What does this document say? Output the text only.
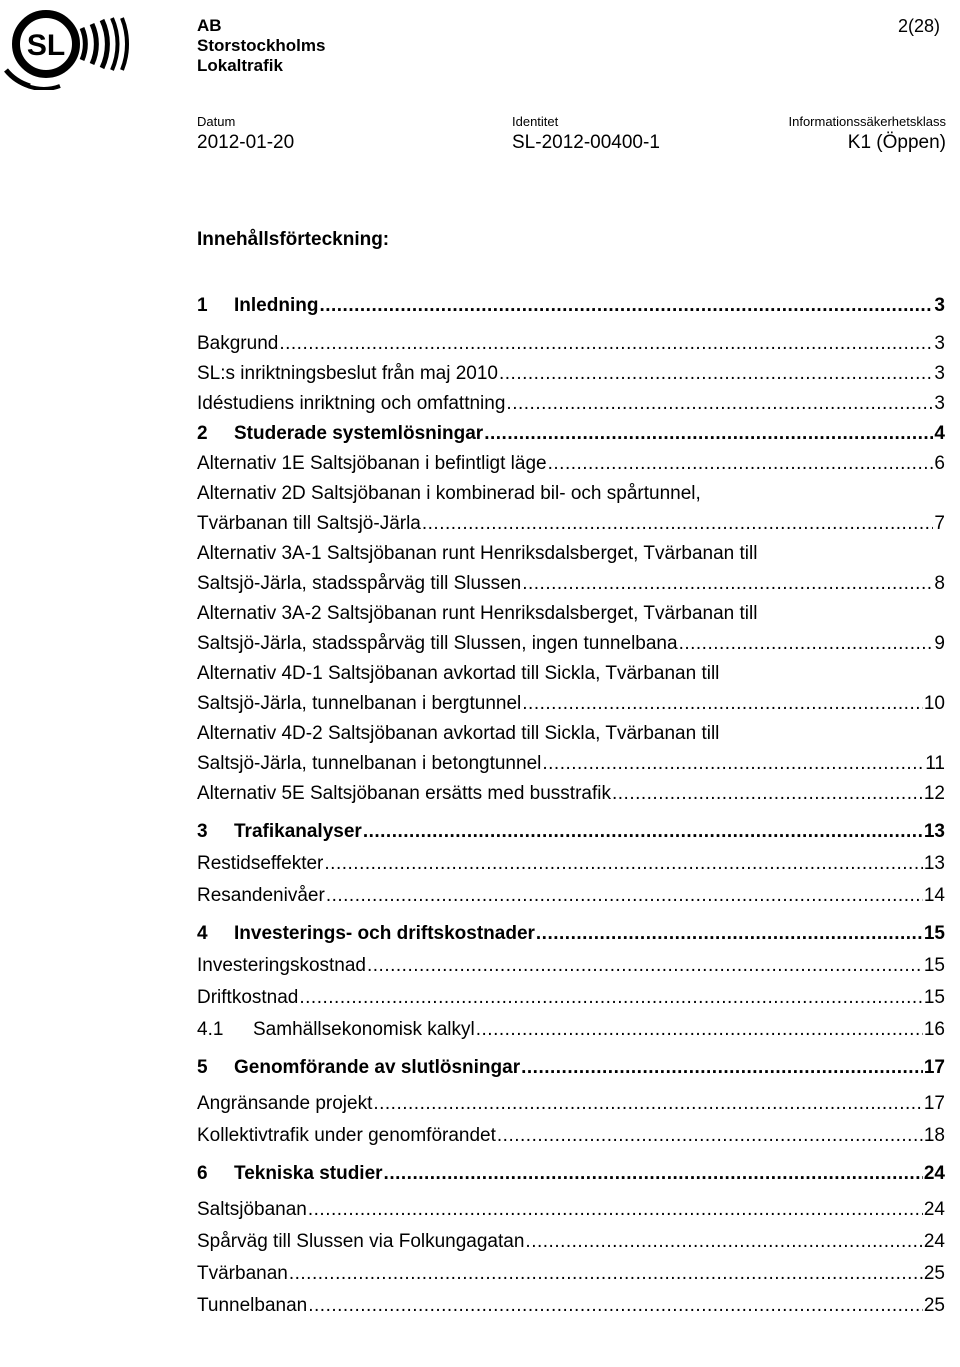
SL
AB
Storstockholms
Lokaltrafik
2(28)
Datum
2012-01-20
Identitet
SL-2012-00400-1
Informationssäkerhetsklass
K1 (Öppen)
Innehållsförteckning:
1	Inledning .....	3
Bakgrund .....	3
SL:s inriktningsbeslut från maj 2010 .....	3
Idéstudiens inriktning och omfattning .....	3
2	Studerade systemlösningar .....	4
Alternativ 1E Saltsjöbanan i befintligt läge .....	6
Alternativ 2D Saltsjöbanan i kombinerad bil- och spårtunnel,
Tvärbanan till Saltsjö-Järla .....	7
Alternativ 3A-1 Saltsjöbanan runt Henriksdalsberget, Tvärbanan till
Saltsjö-Järla, stadsspårväg till Slussen .....	8
Alternativ 3A-2 Saltsjöbanan runt Henriksdalsberget, Tvärbanan till
Saltsjö-Järla, stadsspårväg till Slussen, ingen tunnelbana .....	9
Alternativ 4D-1 Saltsjöbanan avkortad till Sickla, Tvärbanan till
Saltsjö-Järla, tunnelbanan i bergtunnel .....	10
Alternativ 4D-2 Saltsjöbanan avkortad till Sickla, Tvärbanan till
Saltsjö-Järla, tunnelbanan i betongtunnel .....	11
Alternativ 5E Saltsjöbanan ersätts med busstrafik .....	12
3	Trafikanalyser .....	13
Restidseffekter .....	13
Resandenivåer .....	14
4	Investerings- och driftskostnader .....	15
Investeringskostnad .....	15
Driftkostnad .....	15
4.1	Samhällsekonomisk kalkyl .....	16
5	Genomförande av slutlösningar .....	17
Angränsande projekt .....	17
Kollektivtrafik under genomförandet .....	18
6	Tekniska studier .....	24
Saltsjöbanan .....	24
Spårväg till Slussen via Folkungagatan .....	24
Tvärbanan .....	25
Tunnelbanan .....	25
